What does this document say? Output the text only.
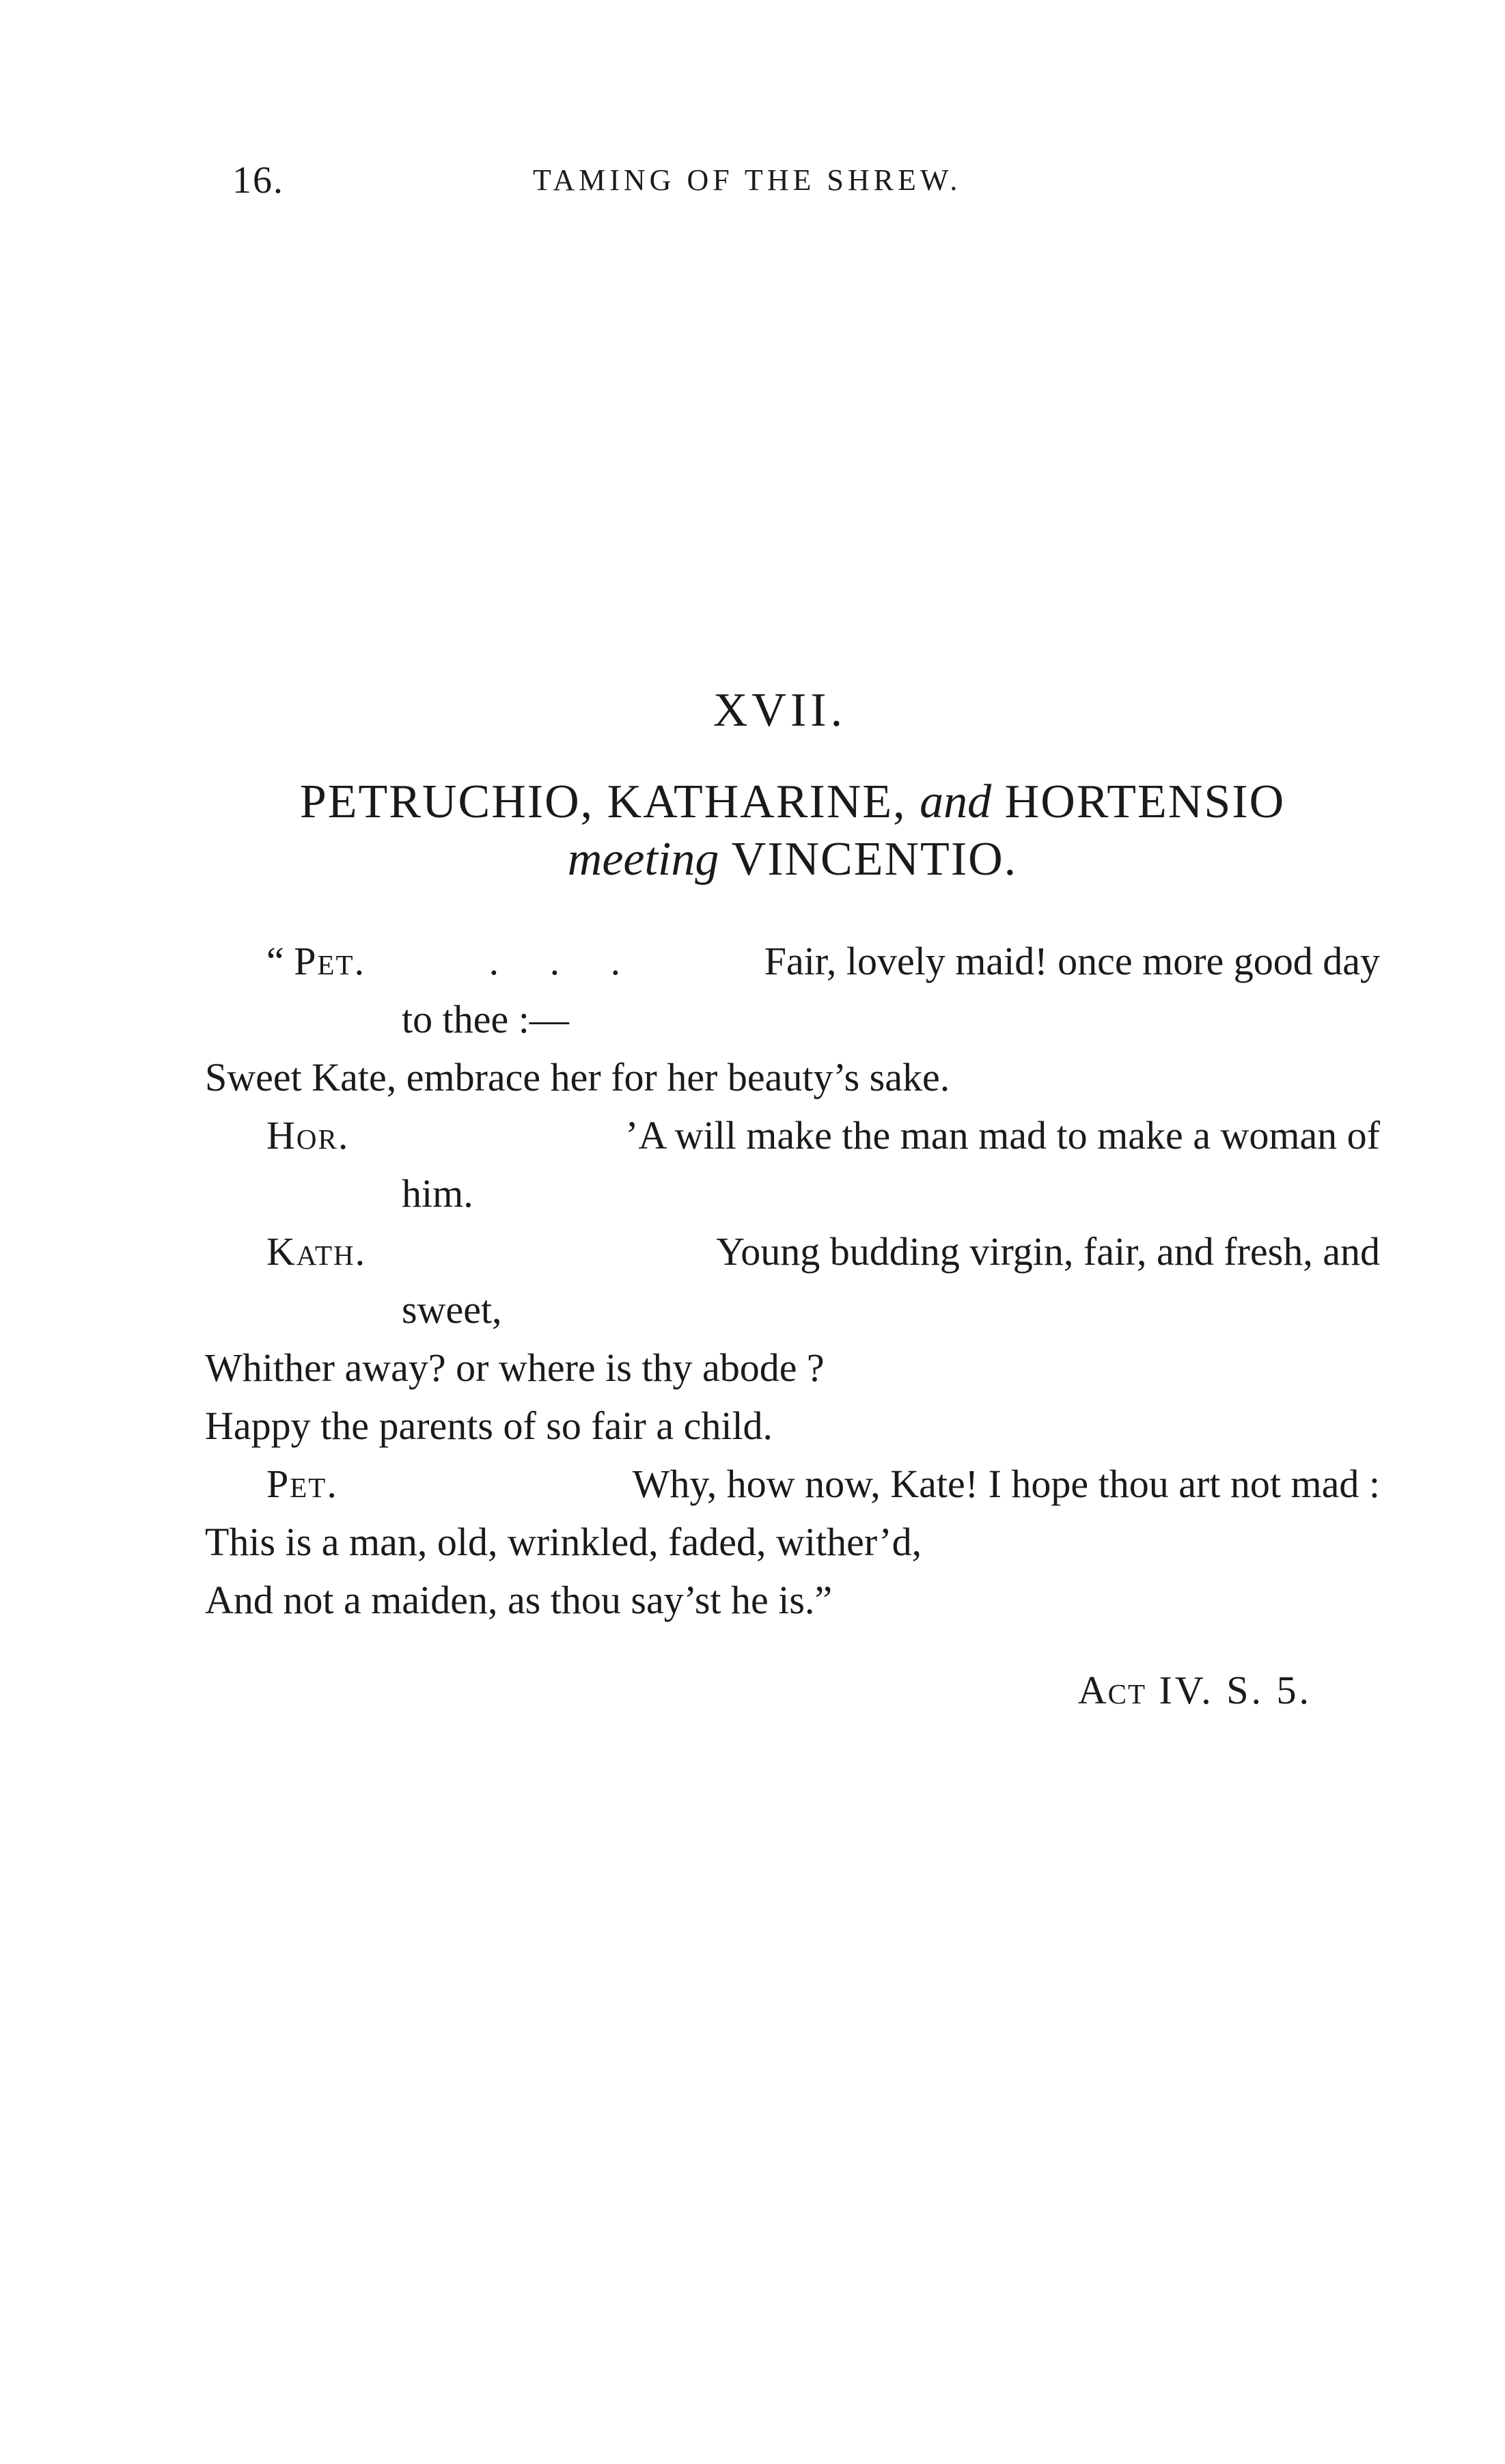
16.	TAMING OF THE SHREW.
XVII.
PETRUCHIO, KATHARINE, and HORTENSIO
meeting VINCENTIO.
“ Pet.	. . .	Fair, lovely maid! once more good day
to thee :—
Sweet Kate, embrace her for her beauty’s sake.
Hor.	’A will make the man mad to make a woman of
him.
Kath.	Young budding virgin, fair, and fresh, and
sweet,
Whither away? or where is thy abode ?
Happy the parents of so fair a child.
Pet.	Why, how now, Kate! I hope thou art not mad :
This is a man, old, wrinkled, faded, wither’d,
And not a maiden, as thou say’st he is.”
Act IV. S. 5.
